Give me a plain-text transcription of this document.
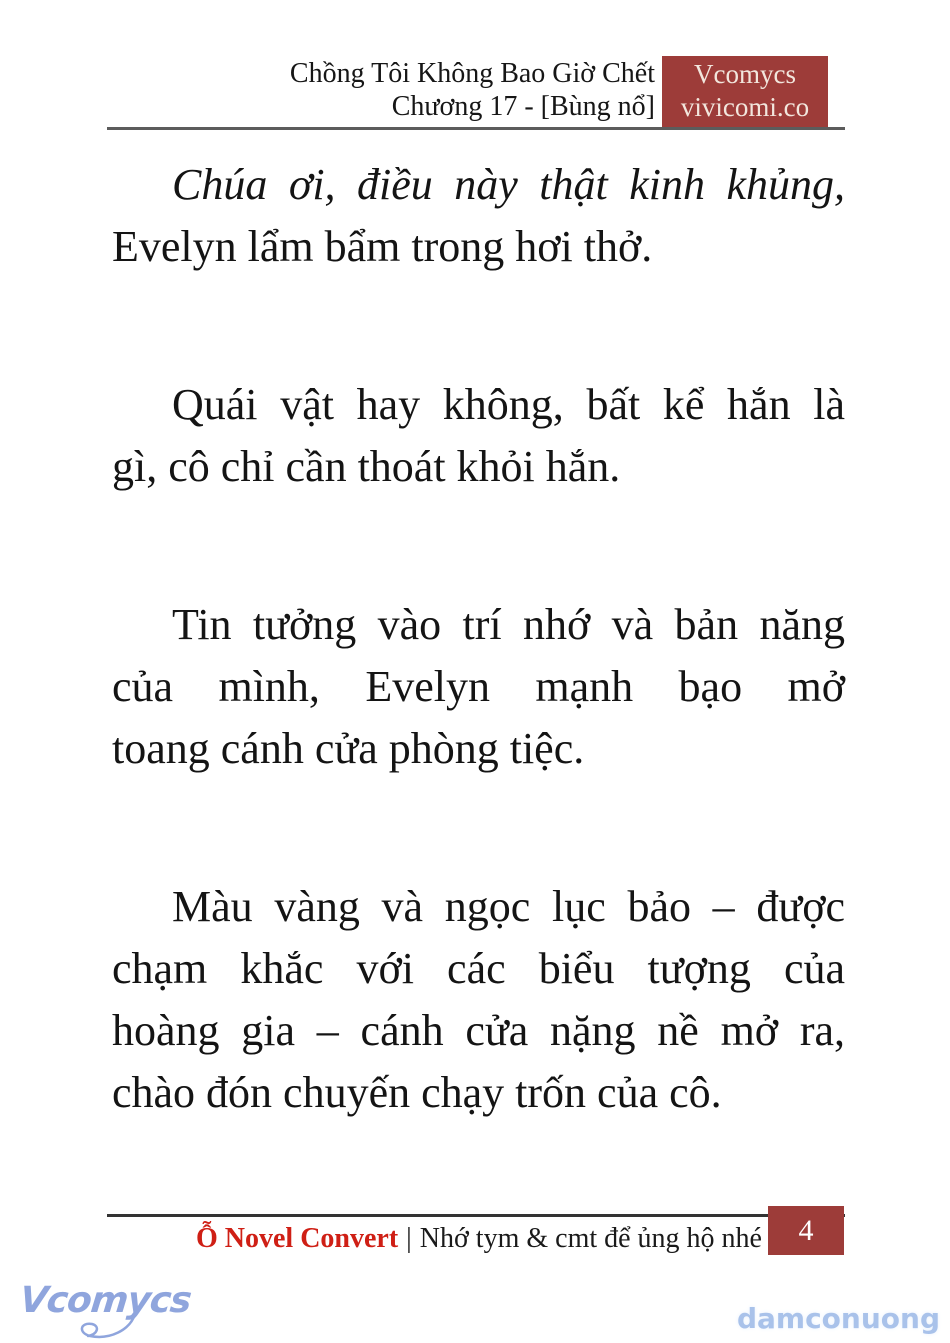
Chồng Tôi Không Bao Giờ Chết
Chương 17 - [Bùng nổ]
Vcomycs
vivicomi.co

Chúa ơi, điều này thật kinh khủng,
Evelyn lẩm bẩm trong hơi thở.

Quái vật hay không, bất kể hắn là
gì, cô chỉ cần thoát khỏi hắn.

Tin tưởng vào trí nhớ và bản năng
của mình, Evelyn mạnh bạo mở
toang cánh cửa phòng tiệc.

Màu vàng và ngọc lục bảo – được
chạm khắc với các biểu tượng của
hoàng gia – cánh cửa nặng nề mở ra,
chào đón chuyến chạy trốn của cô.

Ỗ Novel Convert | Nhớ tym & cmt để ủng hộ nhé 4
Vcomycs	damconuong
